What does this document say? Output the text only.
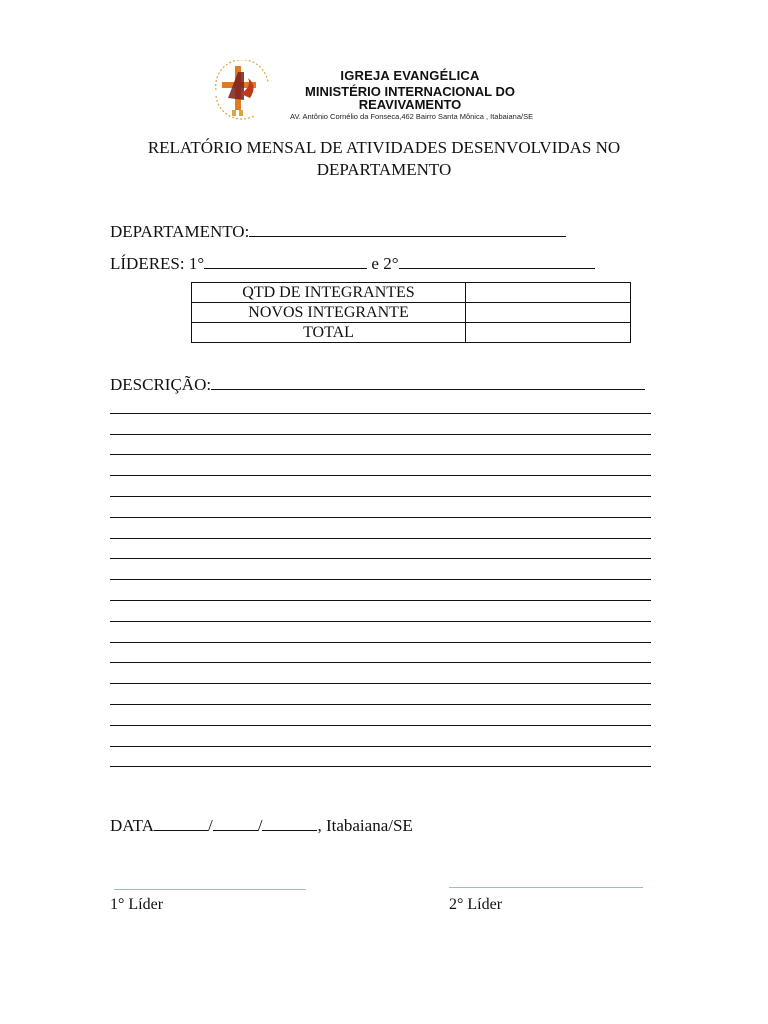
IGREJA EVANGÉLICA
MINISTÉRIO INTERNACIONAL DO
REAVIVAMENTO
AV. Antônio Cornélio da Fonseca,462 Bairro Santa Mônica , Itabaiana/SE
RELATÓRIO MENSAL DE ATIVIDADES DESENVOLVIDAS NO DEPARTAMENTO
DEPARTAMENTO:
LÍDERES: 1°	e 2°
QTD DE INTEGRANTES	
NOVOS INTEGRANTE	
TOTAL	
DESCRIÇÃO:
DATA	/	/	, Itabaiana/SE
1° Líder	2° Líder
